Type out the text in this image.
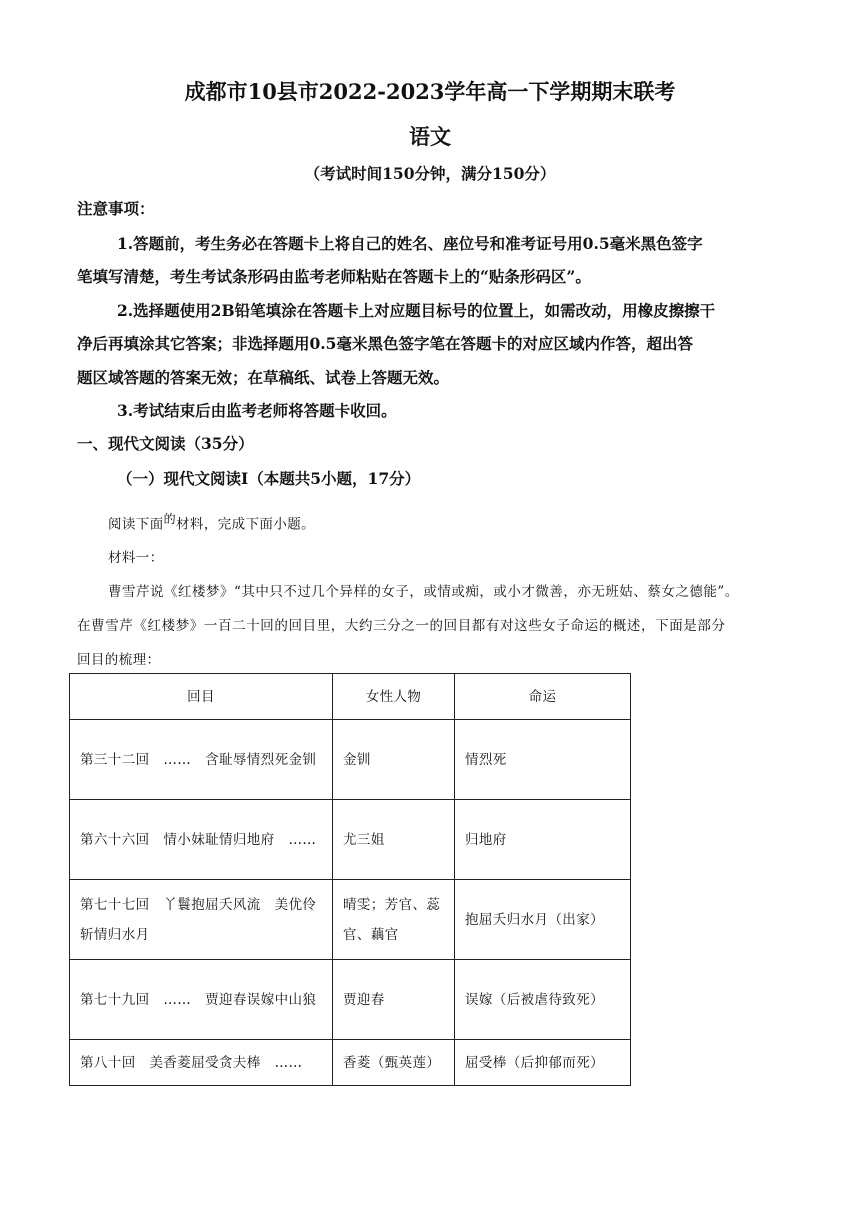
成都市10县市2022-2023学年高一下学期期末联考
语文
（考试时间150分钟，满分150分）
注意事项：
1.答题前，考生务必在答题卡上将自己的姓名、座位号和准考证号用0.5毫米黑色签字
笔填写清楚，考生考试条形码由监考老师粘贴在答题卡上的“贴条形码区”。
2.选择题使用2B铅笔填涂在答题卡上对应题目标号的位置上，如需改动，用橡皮擦擦干
净后再填涂其它答案；非选择题用0.5毫米黑色签字笔在答题卡的对应区域内作答，超出答
题区域答题的答案无效；在草稿纸、试卷上答题无效。
3.考试结束后由监考老师将答题卡收回。
一、现代文阅读（35分）
（一）现代文阅读Ⅰ（本题共5小题，17分）
阅读下面$^的$材料，完成下面小题。
材料一：
曹雪芹说《红楼梦》“其中只不过几个异样的女子，或情或痴，或小才微善，亦无班姑、蔡女之德能”。
在曹雪芹《红楼梦》一百二十回的回目里，大约三分之一的回目都有对这些女子命运的概述，下面是部分
回目的梳理：
回目	女性人物	命运
第三十二回　……　含耻辱情烈死金钏	金钏	情烈死
第六十六回　情小妹耻情归地府　……	尤三姐	归地府
第七十七回　丫鬟抱屈夭风流　美优伶斩情归水月	晴雯；芳官、蕊官、藕官	抱屈夭归水月（出家）
第七十九回　……　贾迎春误嫁中山狼	贾迎春	误嫁（后被虐待致死）
第八十回　美香菱屈受贪夫棒　……	香菱（甄英莲）	屈受棒（后抑郁而死）
